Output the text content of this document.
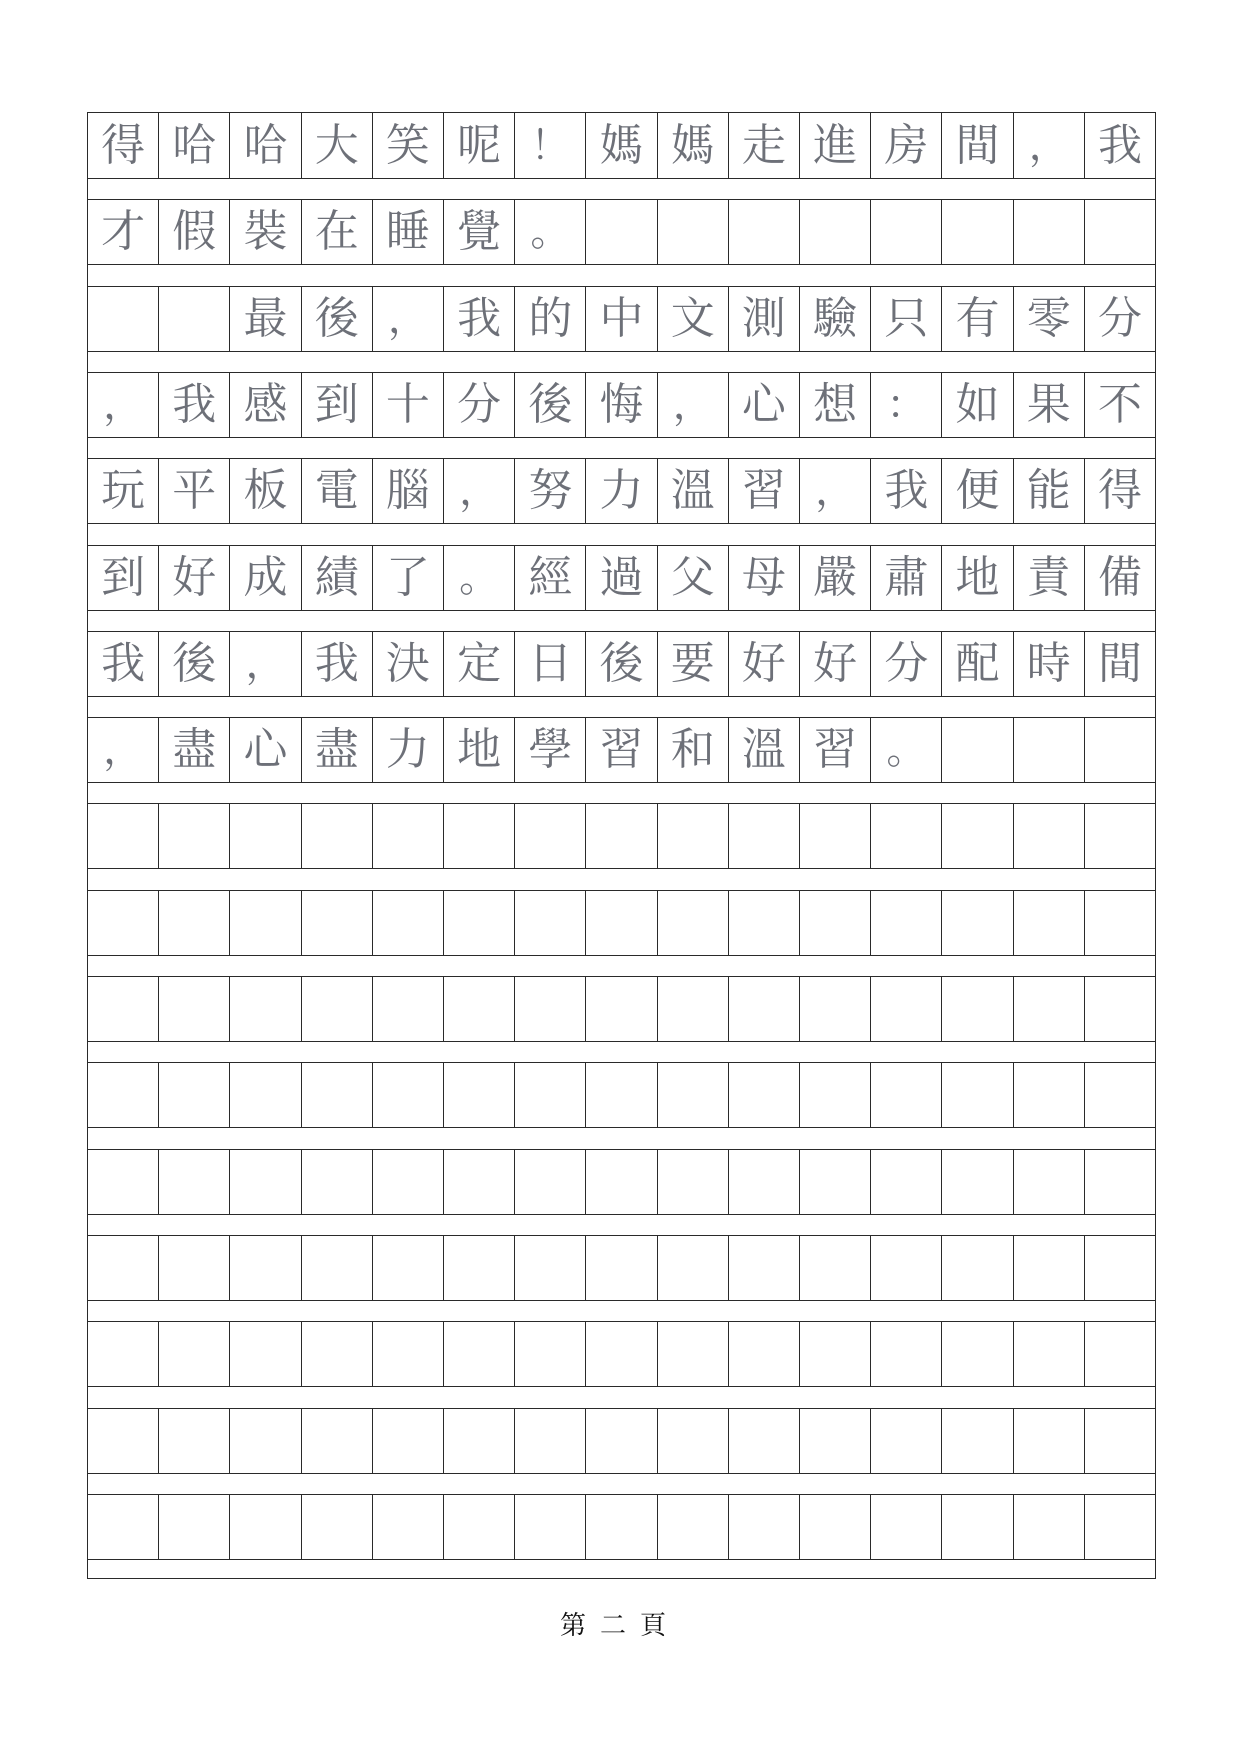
得 哈 哈 大 笑 呢 ！ 媽 媽 走 進 房 間 ， 我
才 假 裝 在 睡 覺 。
最 後 ， 我 的 中 文 測 驗 只 有 零 分
， 我 感 到 十 分 後 悔 ， 心 想 ： 如 果 不
玩 平 板 電 腦 ， 努 力 溫 習 ， 我 便 能 得
到 好 成 績 了 。 經 過 父 母 嚴 肅 地 責 備
我 後 ， 我 決 定 日 後 要 好 好 分 配 時 間
， 盡 心 盡 力 地 學 習 和 溫 習 。
第二頁
